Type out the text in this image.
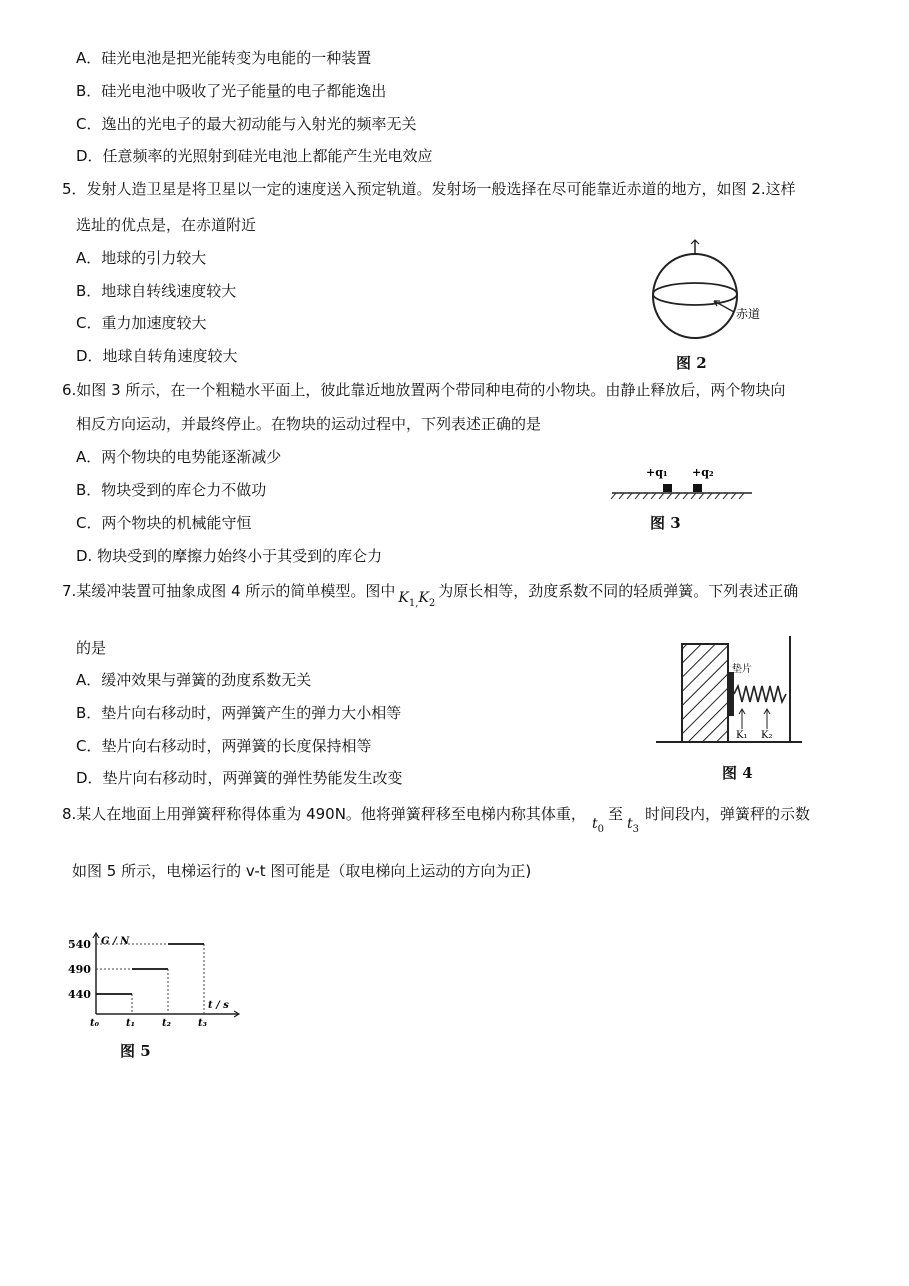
A．硅光电池是把光能转变为电能的一种装置
B．硅光电池中吸收了光子能量的电子都能逸出
C．逸出的光电子的最大初动能与入射光的频率无关
D．任意频率的光照射到硅光电池上都能产生光电效应
5．发射人造卫星是将卫星以一定的速度送入预定轨道。发射场一般选择在尽可能靠近赤道的地方，如图 2.这样
选址的优点是，在赤道附近
A．地球的引力较大
B．地球自转线速度较大
C．重力加速度较大
D．地球自转角速度较大
赤道
图 2
6.如图 3 所示，在一个粗糙水平面上，彼此靠近地放置两个带同种电荷的小物块。由静止释放后，两个物块向
相反方向运动，并最终停止。在物块的运动过程中，下列表述正确的是
A．两个物块的电势能逐渐减少
B．物块受到的库仑力不做功
C．两个物块的机械能守恒
D. 物块受到的摩擦力始终小于其受到的库仑力
+q₁ +q₂
图 3
7.某缓冲装置可抽象成图 4 所示的简单模型。图中 $K_{1,}K_2$为原长相等，劲度系数不同的轻质弹簧。下列表述正确
的是
A．缓冲效果与弹簧的劲度系数无关
B．垫片向右移动时，两弹簧产生的弹力大小相等
C．垫片向右移动时，两弹簧的长度保持相等
D．垫片向右移动时，两弹簧的弹性势能发生改变
垫片
K₁ K₂
图 4
8.某人在地面上用弹簧秤称得体重为 490N。他将弹簧秤移至电梯内称其体重，$t_0$至$t_3$时间段内，弹簧秤的示数
如图 5 所示，电梯运行的 v-t 图可能是（取电梯向上运动的方向为正)
G / N
t / s
440
490
540
t₀	t₁	t₂	t₃
图 5
